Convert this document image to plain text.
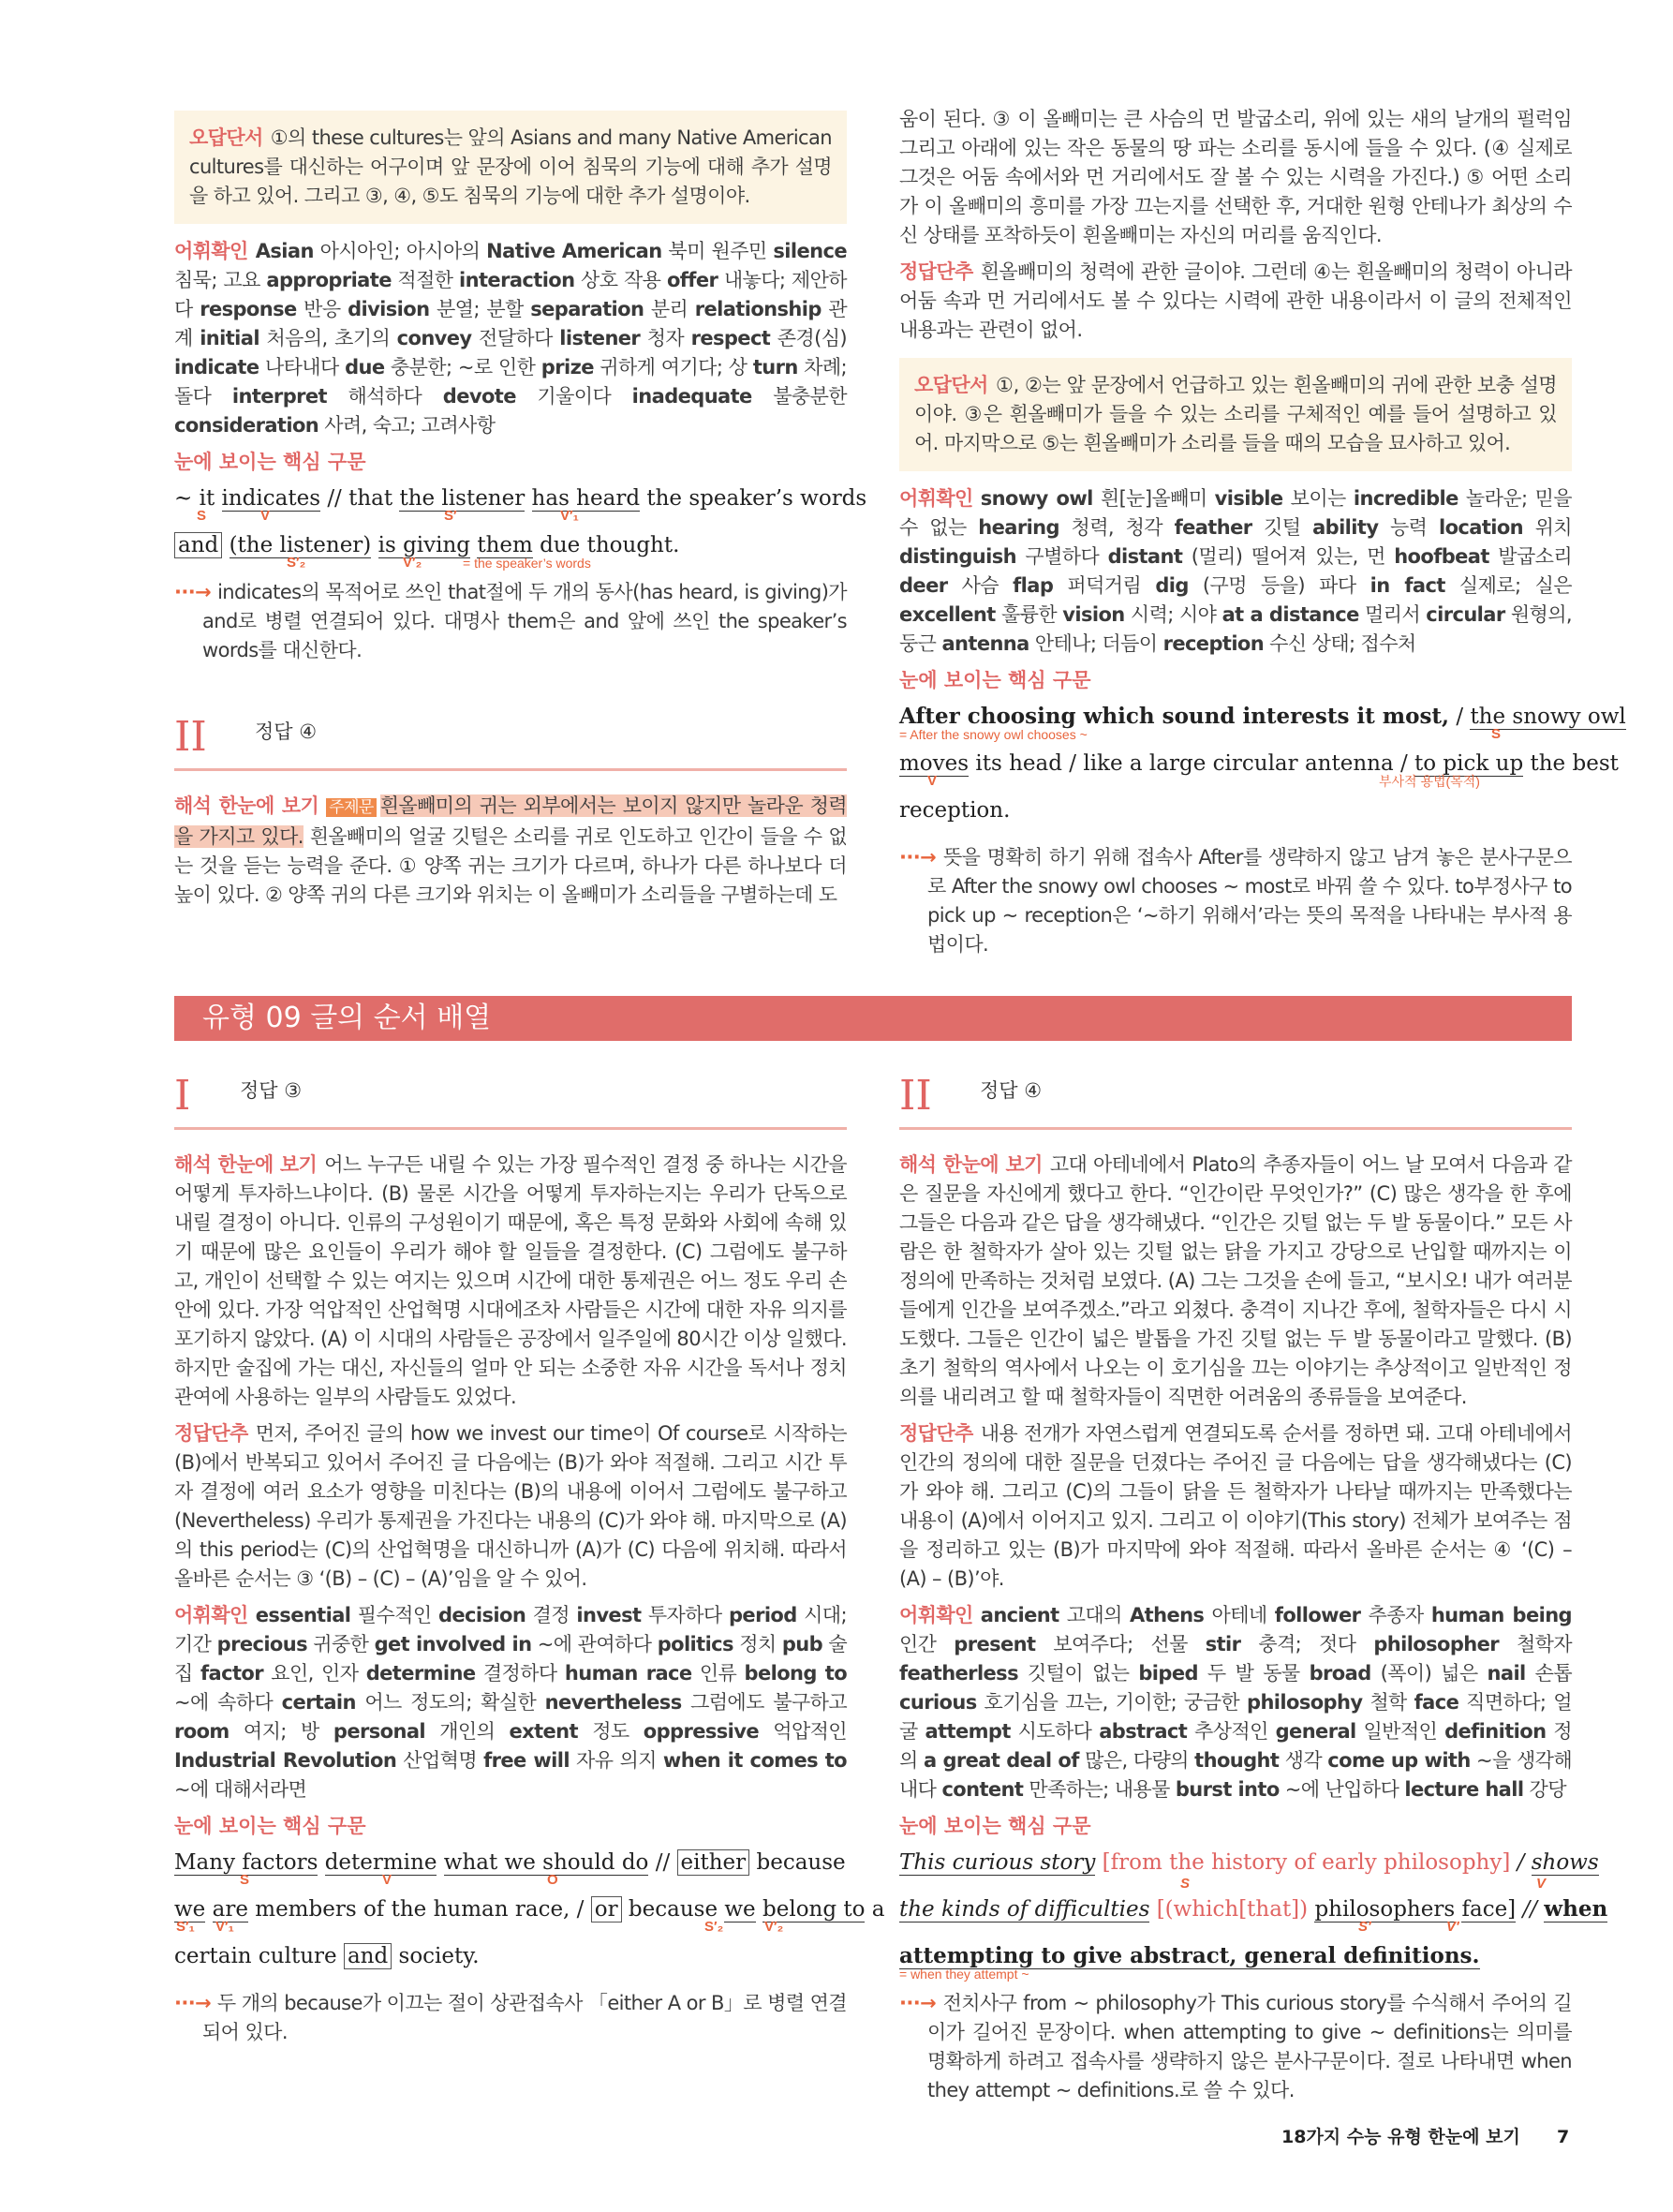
오답단서 ①의 these cultures는 앞의 Asians and many Native American cultures를 대신하는 어구이며 앞 문장에 이어 침묵의 기능에 대해 추가 설명을 하고 있어. 그리고 ③, ④, ⑤도 침묵의 기능에 대한 추가 설명이야.

어휘확인 Asian 아시아인; 아시아의 Native American 북미 원주민 silence 침묵; 고요 appropriate 적절한 interaction 상호 작용 offer 내놓다; 제안하다 response 반응 division 분열; 분할 separation 분리 relationship 관계 initial 처음의, 초기의 convey 전달하다 listener 청자 respect 존경(심) indicate 나타내다 due 충분한; ~로 인한 prize 귀하게 여기다; 상 turn 차례; 돌다 interpret 해석하다 devote 기울이다 inadequate 불충분한 consideration 사려, 숙고; 고려사항

눈에 보이는 핵심 구문
~ it indicates // that the listener has heard the speaker’s words
S	V	S′	V′₁
and (the listener) is giving them due thought.
S′₂	V′₂	= the speaker’s words

···→ indicates의 목적어로 쓰인 that절에 두 개의 동사(has heard, is giving)가 and로 병렬 연결되어 있다. 대명사 them은 and 앞에 쓰인 the speaker’s words를 대신한다.

II 정답 ④

해석 한눈에 보기 주제문 흰올빼미의 귀는 외부에서는 보이지 않지만 놀라운 청력을 가지고 있다. 흰올빼미의 얼굴 깃털은 소리를 귀로 인도하고 인간이 들을 수 없는 것을 듣는 능력을 준다. ① 양쪽 귀는 크기가 다르며, 하나가 다른 하나보다 더 높이 있다. ② 양쪽 귀의 다른 크기와 위치는 이 올빼미가 소리들을 구별하는데 도

움이 된다. ③ 이 올빼미는 큰 사슴의 먼 발굽소리, 위에 있는 새의 날개의 펄럭임 그리고 아래에 있는 작은 동물의 땅 파는 소리를 동시에 들을 수 있다. (④ 실제로 그것은 어둠 속에서와 먼 거리에서도 잘 볼 수 있는 시력을 가진다.) ⑤ 어떤 소리가 이 올빼미의 흥미를 가장 끄는지를 선택한 후, 거대한 원형 안테나가 최상의 수신 상태를 포착하듯이 흰올빼미는 자신의 머리를 움직인다.

정답단추 흰올빼미의 청력에 관한 글이야. 그런데 ④는 흰올빼미의 청력이 아니라 어둠 속과 먼 거리에서도 볼 수 있다는 시력에 관한 내용이라서 이 글의 전체적인 내용과는 관련이 없어.

오답단서 ①, ②는 앞 문장에서 언급하고 있는 흰올빼미의 귀에 관한 보충 설명이야. ③은 흰올빼미가 들을 수 있는 소리를 구체적인 예를 들어 설명하고 있어. 마지막으로 ⑤는 흰올빼미가 소리를 들을 때의 모습을 묘사하고 있어.

어휘확인 snowy owl 흰[눈]올빼미 visible 보이는 incredible 놀라운; 믿을 수 없는 hearing 청력, 청각 feather 깃털 ability 능력 location 위치 distinguish 구별하다 distant (멀리) 떨어져 있는, 먼 hoofbeat 발굽소리 deer 사슴 flap 퍼덕거림 dig (구멍 등을) 파다 in fact 실제로; 실은 excellent 훌륭한 vision 시력; 시야 at a distance 멀리서 circular 원형의, 둥근 antenna 안테나; 더듬이 reception 수신 상태; 접수처

눈에 보이는 핵심 구문
After choosing which sound interests it most, / the snowy owl
= After the snowy owl chooses ~	S
moves its head / like a large circular antenna / to pick up the best
V	부사적 용법(목적)
reception.

···→ 뜻을 명확히 하기 위해 접속사 After를 생략하지 않고 남겨 놓은 분사구문으로 After the snowy owl chooses ~ most로 바꿔 쓸 수 있다. to부정사구 to pick up ~ reception은 ‘~하기 위해서’라는 뜻의 목적을 나타내는 부사적 용법이다.

유형 09 글의 순서 배열
I	정답 ③

해석 한눈에 보기 어느 누구든 내릴 수 있는 가장 필수적인 결정 중 하나는 시간을 어떻게 투자하느냐이다. (B) 물론 시간을 어떻게 투자하는지는 우리가 단독으로 내릴 결정이 아니다. 인류의 구성원이기 때문에, 혹은 특정 문화와 사회에 속해 있기 때문에 많은 요인들이 우리가 해야 할 일들을 결정한다. (C) 그럼에도 불구하고, 개인이 선택할 수 있는 여지는 있으며 시간에 대한 통제권은 어느 정도 우리 손 안에 있다. 가장 억압적인 산업혁명 시대에조차 사람들은 시간에 대한 자유 의지를 포기하지 않았다. (A) 이 시대의 사람들은 공장에서 일주일에 80시간 이상 일했다. 하지만 술집에 가는 대신, 자신들의 얼마 안 되는 소중한 자유 시간을 독서나 정치 관여에 사용하는 일부의 사람들도 있었다.

정답단추 먼저, 주어진 글의 how we invest our time이 Of course로 시작하는 (B)에서 반복되고 있어서 주어진 글 다음에는 (B)가 와야 적절해. 그리고 시간 투자 결정에 여러 요소가 영향을 미친다는 (B)의 내용에 이어서 그럼에도 불구하고 (Nevertheless) 우리가 통제권을 가진다는 내용의 (C)가 와야 해. 마지막으로 (A)의 this period는 (C)의 산업혁명을 대신하니까 (A)가 (C) 다음에 위치해. 따라서 올바른 순서는 ③ ‘(B) – (C) – (A)’임을 알 수 있어.

어휘확인 essential 필수적인 decision 결정 invest 투자하다 period 시대; 기간 precious 귀중한 get involved in ~에 관여하다 politics 정치 pub 술집 factor 요인, 인자 determine 결정하다 human race 인류 belong to ~에 속하다 certain 어느 정도의; 확실한 nevertheless 그럼에도 불구하고 room 여지; 방 personal 개인의 extent 정도 oppressive 억압적인 Industrial Revolution 산업혁명 free will 자유 의지 when it comes to ~에 대해서라면

눈에 보이는 핵심 구문
Many factors determine what we should do // either because
S	V	O
we are members of the human race, / or because we belong to a
S′₁ V′₁	S′₂	V′₂
certain culture and society.

···→ 두 개의 because가 이끄는 절이 상관접속사 「either A or B」로 병렬 연결되어 있다.

II 정답 ④

해석 한눈에 보기 고대 아테네에서 Plato의 추종자들이 어느 날 모여서 다음과 같은 질문을 자신에게 했다고 한다. “인간이란 무엇인가?” (C) 많은 생각을 한 후에 그들은 다음과 같은 답을 생각해냈다. “인간은 깃털 없는 두 발 동물이다.” 모든 사람은 한 철학자가 살아 있는 깃털 없는 닭을 가지고 강당으로 난입할 때까지는 이 정의에 만족하는 것처럼 보였다. (A) 그는 그것을 손에 들고, “보시오! 내가 여러분들에게 인간을 보여주겠소.”라고 외쳤다. 충격이 지나간 후에, 철학자들은 다시 시도했다. 그들은 인간이 넓은 발톱을 가진 깃털 없는 두 발 동물이라고 말했다. (B) 초기 철학의 역사에서 나오는 이 호기심을 끄는 이야기는 추상적이고 일반적인 정의를 내리려고 할 때 철학자들이 직면한 어려움의 종류들을 보여준다.

정답단추 내용 전개가 자연스럽게 연결되도록 순서를 정하면 돼. 고대 아테네에서 인간의 정의에 대한 질문을 던졌다는 주어진 글 다음에는 답을 생각해냈다는 (C)가 와야 해. 그리고 (C)의 그들이 닭을 든 철학자가 나타날 때까지는 만족했다는 내용이 (A)에서 이어지고 있지. 그리고 이 이야기(This story) 전체가 보여주는 점을 정리하고 있는 (B)가 마지막에 와야 적절해. 따라서 올바른 순서는 ④ ‘(C) – (A) – (B)’야.

어휘확인 ancient 고대의 Athens 아테네 follower 추종자 human being 인간 present 보여주다; 선물 stir 충격; 젓다 philosopher 철학자 featherless 깃털이 없는 biped 두 발 동물 broad (폭이) 넓은 nail 손톱 curious 호기심을 끄는, 기이한; 궁금한 philosophy 철학 face 직면하다; 얼굴 attempt 시도하다 abstract 추상적인 general 일반적인 definition 정의 a great deal of 많은, 다량의 thought 생각 come up with ~을 생각해 내다 content 만족하는; 내용물 burst into ~에 난입하다 lecture hall 강당

눈에 보이는 핵심 구문
This curious story [from the history of early philosophy] / shows
the kinds of difficulties [(which[that]) philosophers face] // when
S	V
S′	V′
attempting to give abstract, general definitions.
= when they attempt ~

···→ 전치사구 from ~ philosophy가 This curious story를 수식해서 주어의 길이가 길어진 문장이다. when attempting to give ~ definitions는 의미를 명확하게 하려고 접속사를 생략하지 않은 분사구문이다. 절로 나타내면 when they attempt ~ definitions.로 쓸 수 있다.

18가지 수능 유형 한눈에 보기 7
